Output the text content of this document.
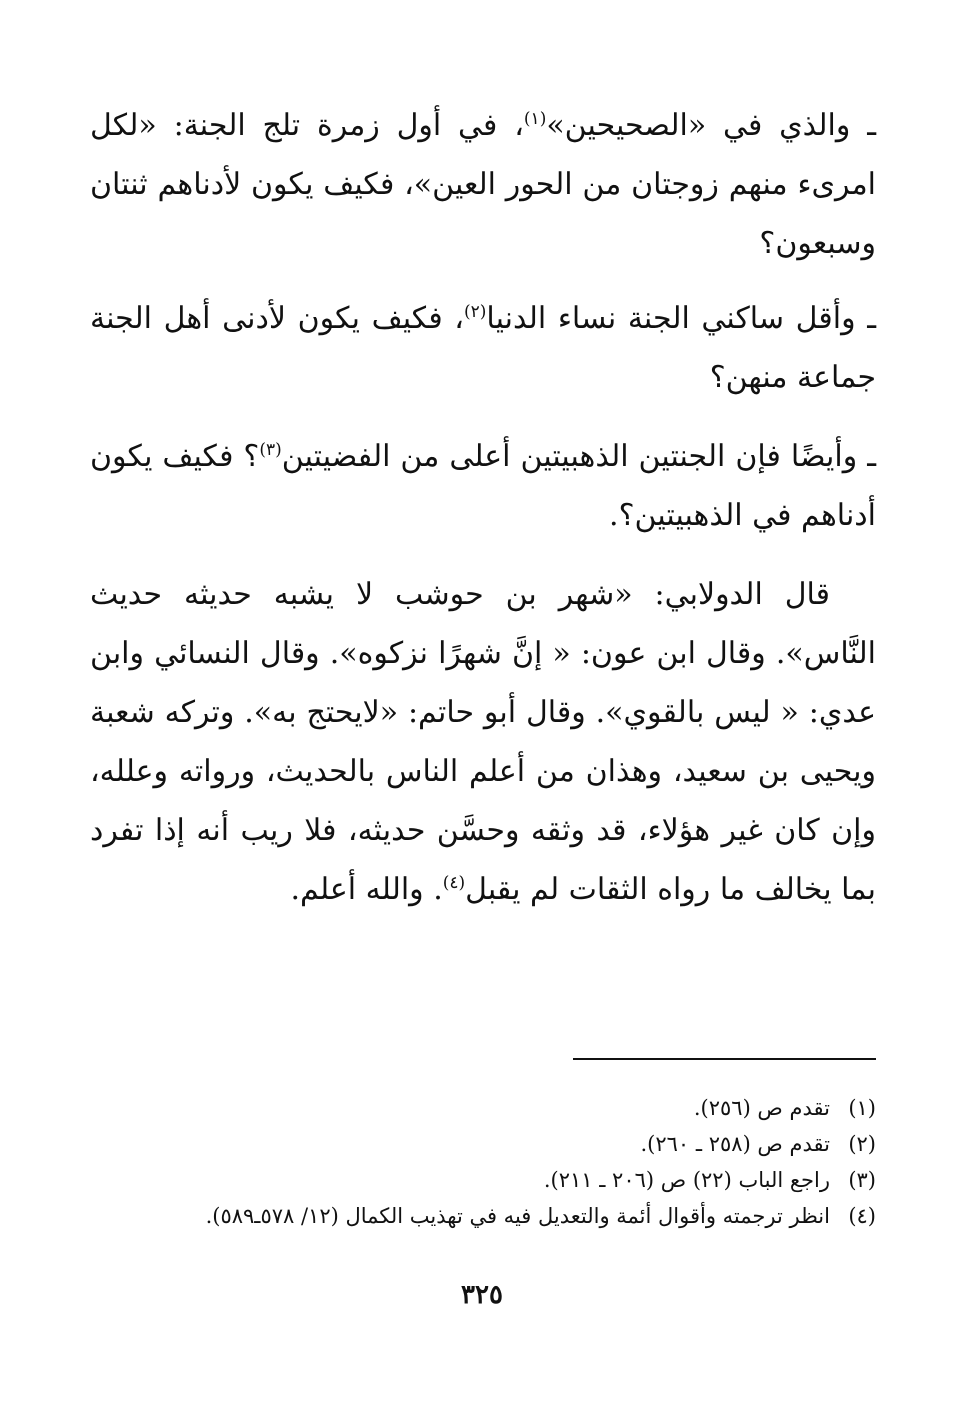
ـ والذي في «الصحيحين»$^{(١)}$، في أول زمرة تلج الجنة: «لكل امرىء منهم زوجتان من الحور العين»، فكيف يكون لأدناهم ثنتان وسبعون؟

ـ وأقل ساكني الجنة نساء الدنيا$^{(٢)}$، فكيف يكون لأدنى أهل الجنة جماعة منهن؟

ـ وأيضًا فإن الجنتين الذهبيتين أعلى من الفضيتين$^{(٣)}$؟ فكيف يكون أدناهم في الذهبيتين؟.

قال الدولابي: «شهر بن حوشب لا يشبه حديثه حديث النَّاس». وقال ابن عون: « إنَّ شهرًا نزكوه». وقال النسائي وابن عدي: « ليس بالقوي». وقال أبو حاتم: «لايحتج به». وتركه شعبة ويحيى بن سعيد، وهذان من أعلم الناس بالحديث، ورواته وعلله، وإن كان غير هؤلاء، قد وثقه وحسَّن حديثه، فلا ريب أنه إذا تفرد بما يخالف ما رواه الثقات لم يقبل$^{(٤)}$. والله أعلم.

(١)
تقدم ص (٢٥٦).
(٢)
تقدم ص (٢٥٨ ـ ٢٦٠).
(٣)
راجع الباب (٢٢) ص (٢٠٦ ـ ٢١١).
(٤)
انظر ترجمته وأقوال أئمة والتعديل فيه في تهذيب الكمال (١٢/ ٥٧٨ـ٥٨٩).
٣٢٥
